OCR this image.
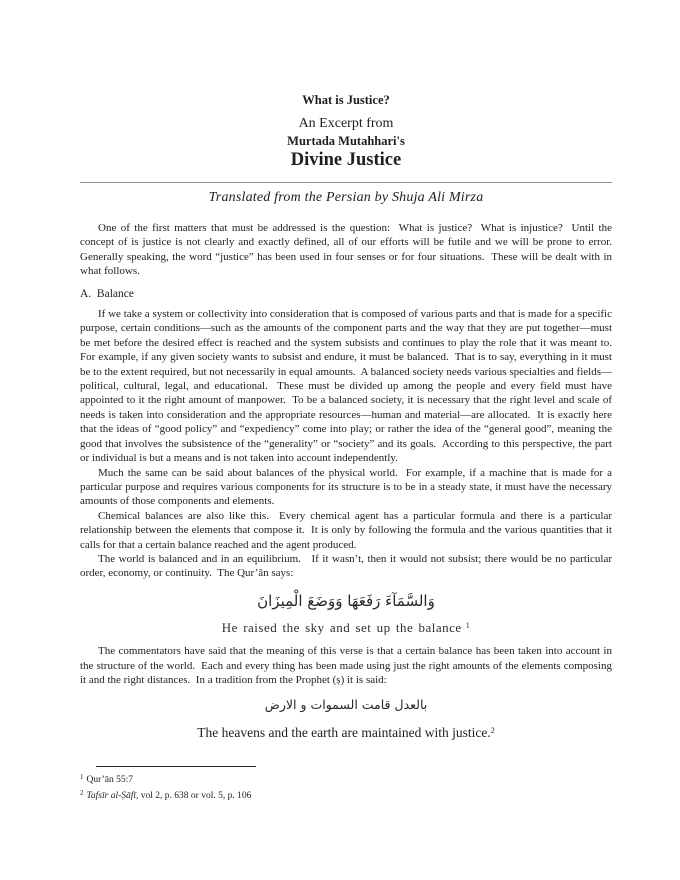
What is Justice?
An Excerpt from
Murtada Mutahhari's
Divine Justice
Translated from the Persian by Shuja Ali Mirza

One of the first matters that must be addressed is the question:  What is justice?  What is injustice?  Until the concept of is justice is not clearly and exactly defined, all of our efforts will be futile and we will be prone to error.  Generally speaking, the word “justice” has been used in four senses or for four situations.  These will be dealt with in what follows.

A.  Balance

If we take a system or collectivity into consideration that is composed of various parts and that is made for a specific purpose, certain conditions—such as the amounts of the component parts and the way that they are put together—must be met before the desired effect is reached and the system subsists and continues to play the role that it was meant to.   For example, if any given society wants to subsist and endure, it must be balanced.  That is to say, everything in it must be to the extent required, but not necessarily in equal amounts.  A balanced society needs various specialties and fields—political, cultural, legal, and educational.  These must be divided up among the people and every field must have appointed to it the right amount of manpower.  To be a balanced society, it is necessary that the right level and scale of needs is taken into consideration and the appropriate resources—human and material—are allocated.  It is exactly here that the ideas of “good policy” and “expediency” come into play; or rather the idea of the “general good”, meaning the good that involves the subsistence of the “generality” or “society” and its goals.  According to this perspective, the part or individual is but a means and is not taken into account independently.

Much the same can be said about balances of the physical world.  For example, if a machine that is made for a particular purpose and requires various components for its structure is to be in a steady state, it must have the necessary amounts of those components and elements.

Chemical balances are also like this.  Every chemical agent has a particular formula and there is a particular relationship between the elements that compose it.  It is only by following the formula and the various quantities that it calls for that a certain balance reached and the agent produced.

The world is balanced and in an equilibrium.   If it wasn’t, then it would not subsist; there would be no particular order, economy, or continuity.  The Qur’ān says:

وَالسَّمَآءَ رَفَعَهَا وَوَضَعَ الْمِيزَانَ
He raised the sky and set up the balance $^1$

The commentators have said that the meaning of this verse is that a certain balance has been taken into account in the structure of the world.  Each and every thing has been made using just the right amounts of the elements composing it and the right distances.  In a tradition from the Prophet (ṣ) it is said:

بالعدل قامت السموات و الارض
The heavens and the earth are maintained with justice.$^2$
$^1$ Qur’ān 55:7
$^2$ Tafsīr al-Ṣāfī, vol 2, p. 638 or vol. 5, p. 106
